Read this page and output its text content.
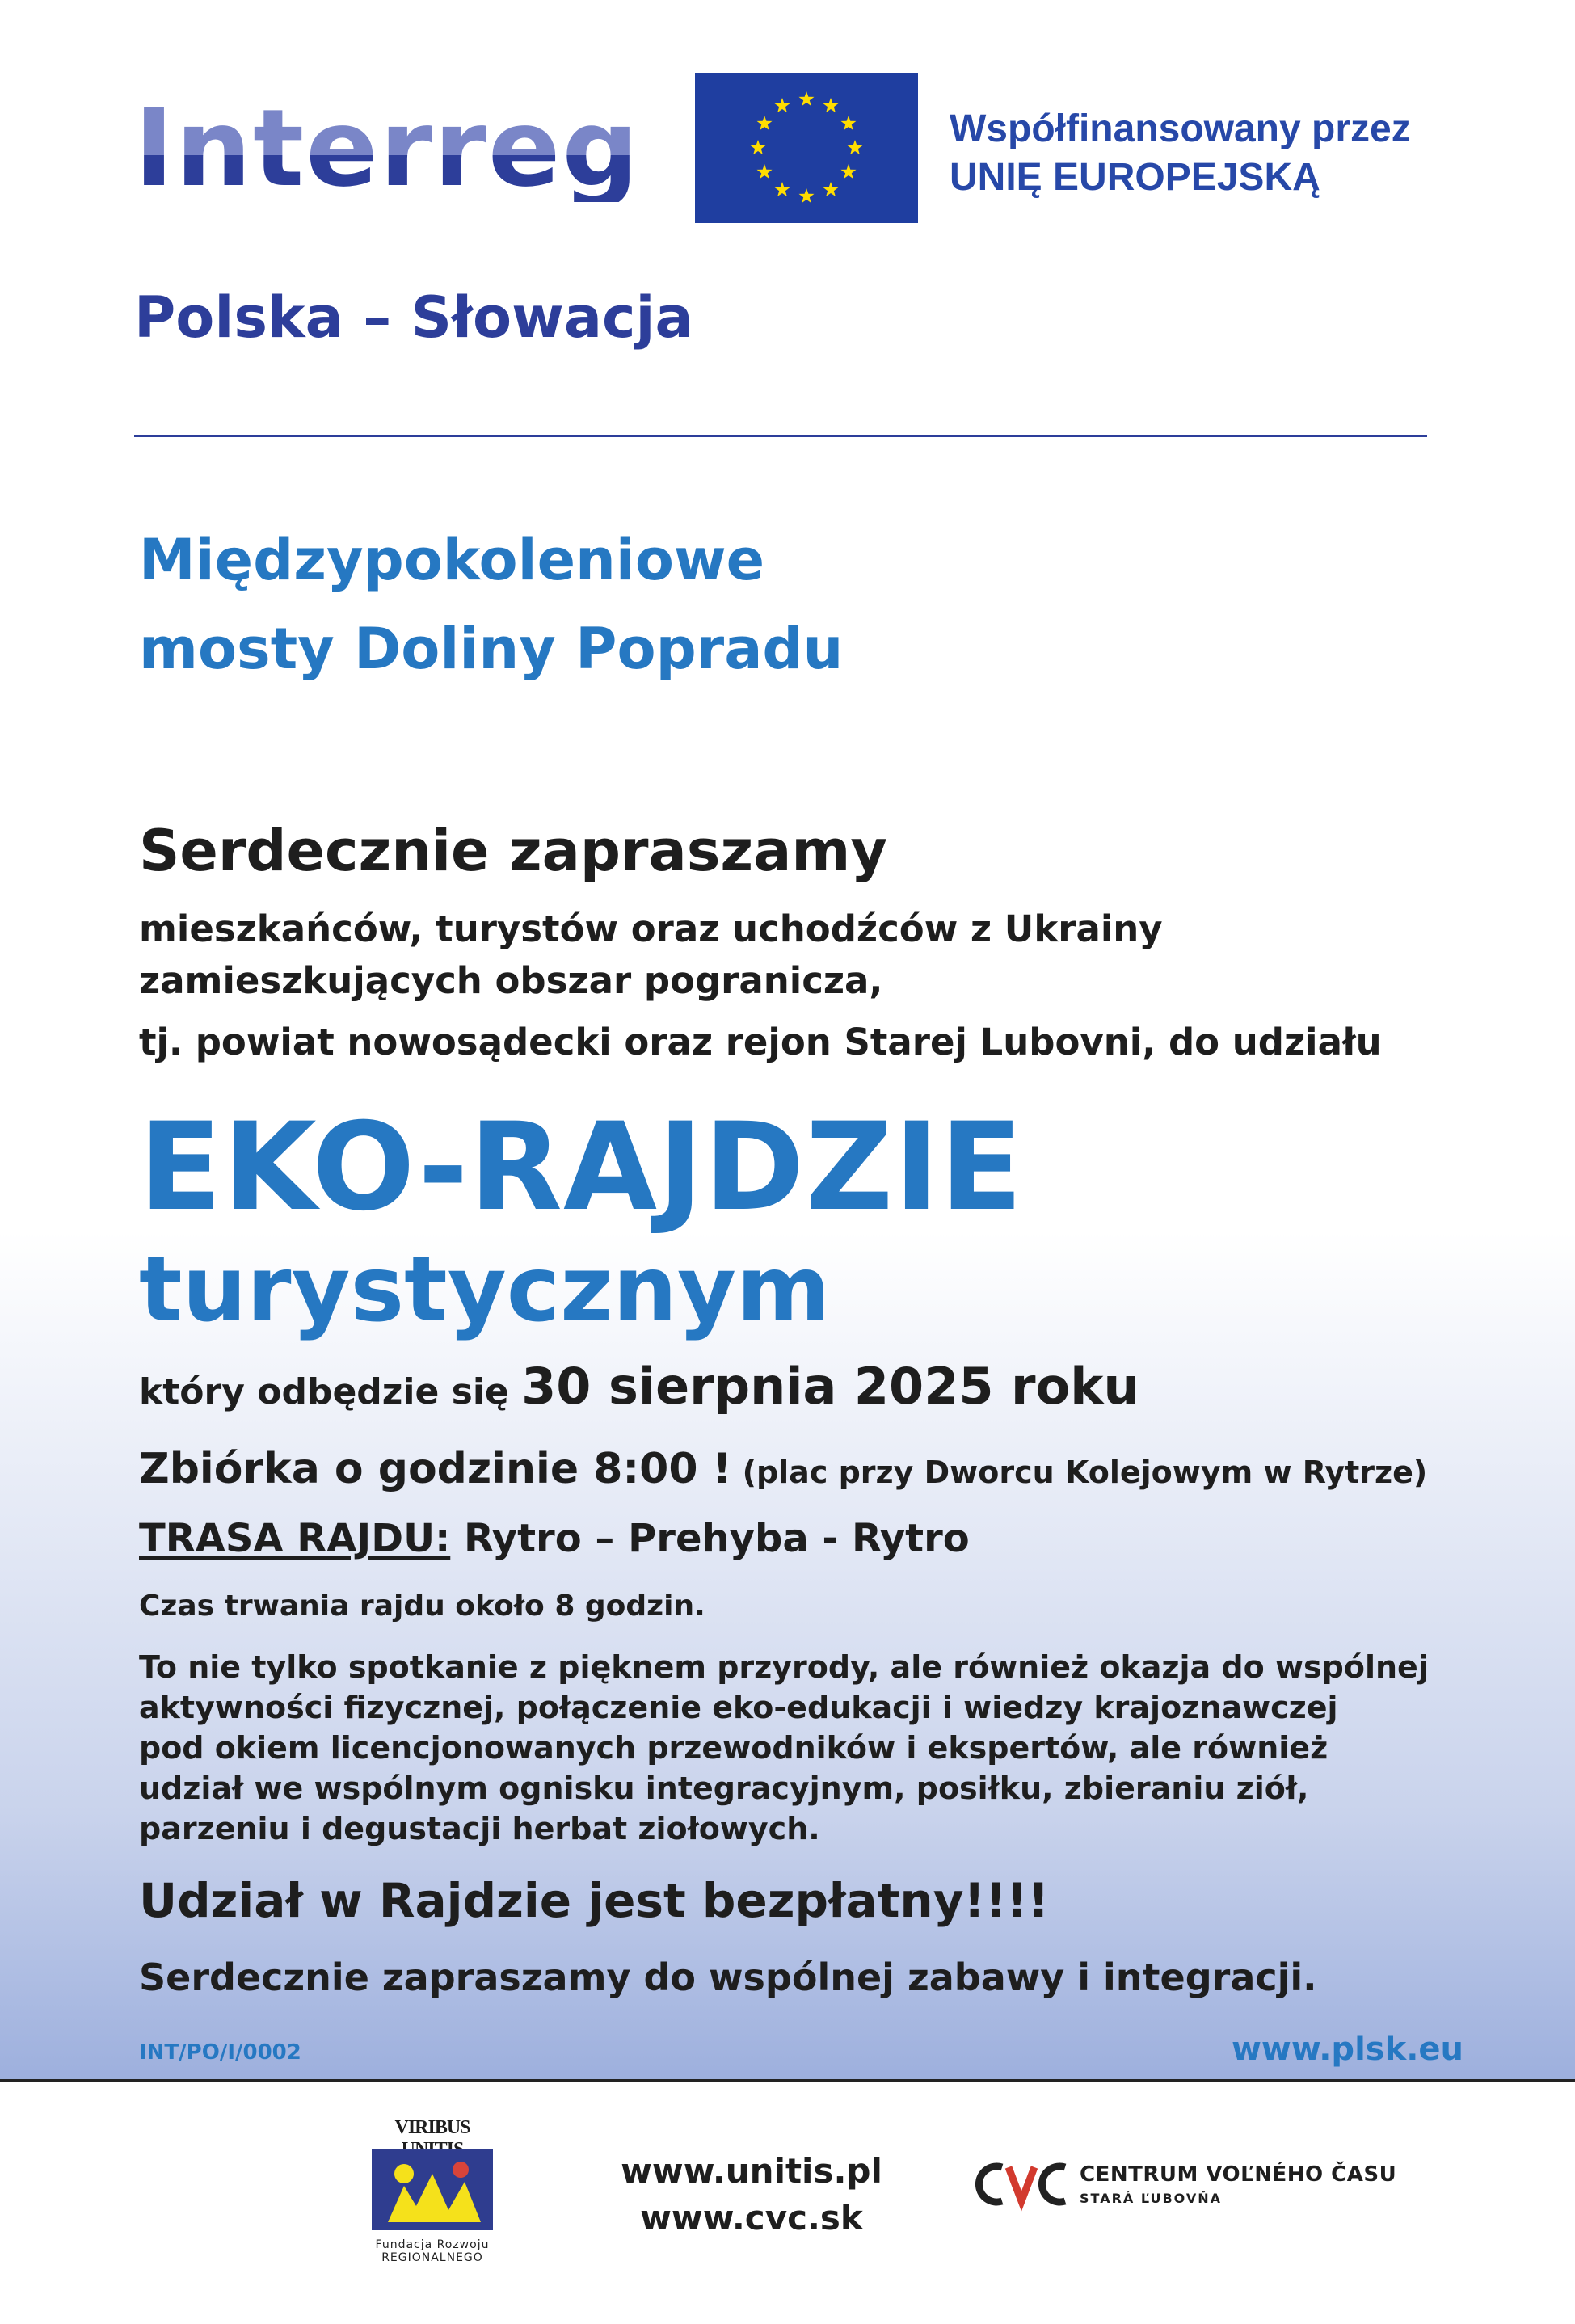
Interreg	Współfinansowany przez
UNIĘ EUROPEJSKĄ
Polska – Słowacja
Międzypokoleniowe
mosty Doliny Popradu
Serdecznie zapraszamy
mieszkańców, turystów oraz uchodźców z Ukrainy
zamieszkujących obszar pogranicza,
tj. powiat nowosądecki oraz rejon Starej Lubovni, do udziału
EKO-RAJDZIE
turystycznym
który odbędzie się 30 sierpnia 2025 roku
Zbiórka o godzinie 8:00 ! (plac przy Dworcu Kolejowym w Rytrze)
TRASA RAJDU: Rytro – Prehyba - Rytro
Czas trwania rajdu około 8 godzin.
To nie tylko spotkanie z pięknem przyrody, ale również okazja do wspólnej
aktywności fizycznej, połączenie eko-edukacji i wiedzy krajoznawczej
pod okiem licencjonowanych przewodników i ekspertów, ale również
udział we wspólnym ognisku integracyjnym, posiłku, zbieraniu ziół,
parzeniu i degustacji herbat ziołowych.
Udział w Rajdzie jest bezpłatny!!!!
Serdecznie zapraszamy do wspólnej zabawy i integracji.
INT/PO/I/0002	www.plsk.eu
VIRIBUS
Fundacja Rozwoju
REGIONALNEGO
www.unitis.pl
www.cvc.sk
CENTRUM VOĽNÉHO ČASU
STARÁ ĽUBOVŇA
